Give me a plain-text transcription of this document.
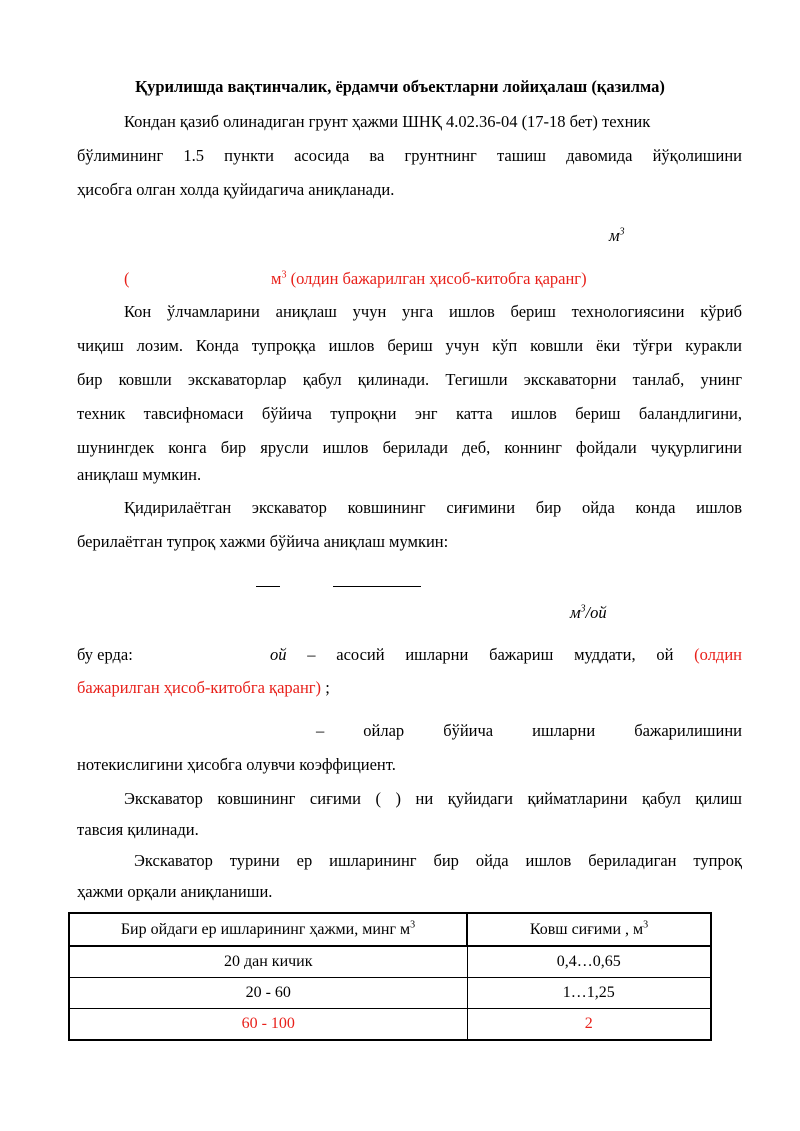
Қурилишда вақтинчалик, ёрдамчи объектларни лойиҳалаш (қазилма)
Кондан қазиб олинадиган грунт ҳажми ШНҚ 4.02.36-04 (17-18 бет) техник
бўлимининг 1.5 пункти асосида ва грунтнинг ташиш давомида йўқолишини
ҳисобга олган холда қуйидагича аниқланади.
$м^3$
(	$м^3$ (олдин бажарилган ҳисоб-китобга қаранг)
Кон ўлчамларини аниқлаш учун унга ишлов бериш технологиясини кўриб
чиқиш лозим. Конда тупроққа ишлов бериш учун кўп ковшли ёки тўғри куракли
бир ковшли экскаваторлар қабул қилинади. Тегишли экскаваторни танлаб, унинг
техник тавсифномаси бўйича тупроқни энг катта ишлов бериш баландлигини,
шунингдек конга бир ярусли ишлов берилади деб, коннинг фойдали чуқурлигини
аниқлаш мумкин.
Қидирилаётган экскаватор ковшининг сиғимини бир ойда конда ишлов
берилаётган тупроқ хажми бўйича аниқлаш мумкин:
$м^3/ой$
бу ерда:	ой – асосий ишларни бажариш муддати, ой (олдин
бажарилган ҳисоб-китобга қаранг) ;
– ойлар бўйича ишларни бажарилишини
нотекислигини ҳисобга олувчи коэффициент.
Экскаватор ковшининг сиғими ( ) ни қуйидаги қийматларини қабул қилиш
тавсия қилинади.
Экскаватор турини ер ишларининг бир ойда ишлов бериладиган тупроқ
ҳажми орқали аниқланиши.
Бир ойдаги ер ишларининг ҳажми, минг $м^3$	Ковш сиғими , $м^3$
20 дан кичик	0,4…0,65
20 - 60	1…1,25
60 - 100	2
